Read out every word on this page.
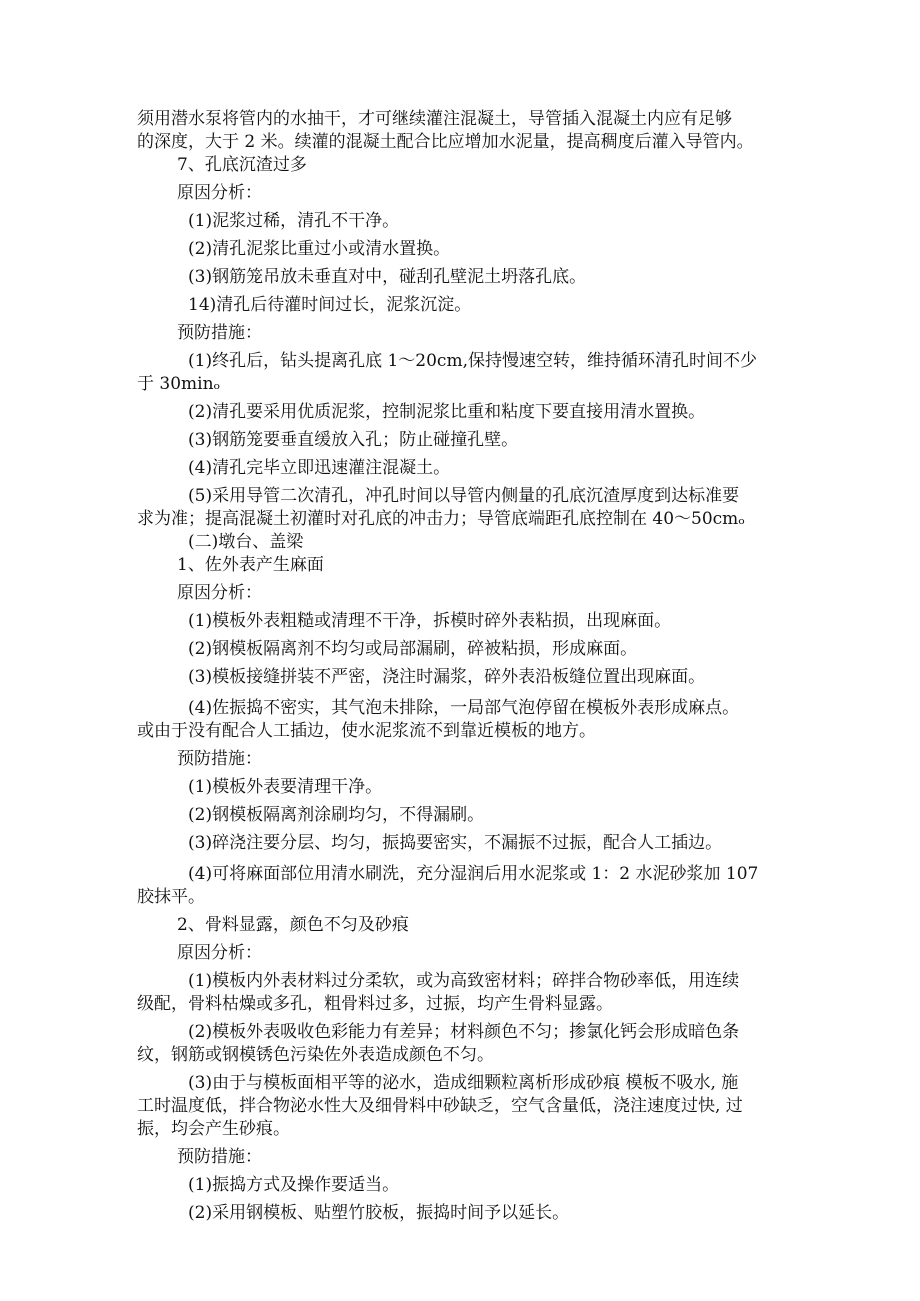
须用潜水泵将管内的水抽干，才可继续灌注混凝土，导管插入混凝土内应有足够

的深度，大于 2 米。续灌的混凝土配合比应增加水泥量，提高稠度后灌入导管内。

7、孔底沉渣过多

原因分析：

(1)泥浆过稀，清孔不干净。

(2)清孔泥浆比重过小或清水置换。

(3)钢筋笼吊放未垂直对中，碰刮孔壁泥土坍落孔底。

14)清孔后待灌时间过长，泥浆沉淀。

预防措施：

(1)终孔后，钻头提离孔底 1～20cm,保持慢速空转，维持循环清孔时间不少

于 30minₒ

(2)清孔要采用优质泥浆，控制泥浆比重和粘度下要直接用清水置换。

(3)钢筋笼要垂直缓放入孔；防止碰撞孔壁。

(4)清孔完毕立即迅速灌注混凝土。

(5)采用导管二次清孔，冲孔时间以导管内侧量的孔底沉渣厚度到达标准要

求为准；提高混凝土初灌时对孔底的冲击力；导管底端距孔底控制在 40～50cmₒ

(二)墩台、盖梁

1、佐外表产生麻面

原因分析：

(1)模板外表粗糙或清理不干净，拆模时碎外表粘损，出现麻面。

(2)钢模板隔离剂不均匀或局部漏刷，碎被粘损，形成麻面。

(3)模板接缝拼装不严密，浇注时漏浆，碎外表沿板缝位置出现麻面。

(4)佐振捣不密实，其气泡未排除，一局部气泡停留在模板外表形成麻点。

或由于没有配合人工插边，使水泥浆流不到靠近模板的地方。

预防措施：

(1)模板外表要清理干净。

(2)钢模板隔离剂涂刷均匀，不得漏刷。

(3)碎浇注要分层、均匀，振捣要密实，不漏振不过振，配合人工插边。

(4)可将麻面部位用清水刷洗，充分湿润后用水泥浆或 1：2 水泥砂浆加 107

胶抹平。

2、骨料显露，颜色不匀及砂痕

原因分析：

(1)模板内外表材料过分柔软，或为高致密材料；碎拌合物砂率低，用连续

级配，骨料枯燥或多孔，粗骨料过多，过振，均产生骨料显露。

(2)模板外表吸收色彩能力有差异；材料颜色不匀；掺氯化钙会形成暗色条

纹，钢筋或钢模锈色污染佐外表造成颜色不匀。

(3)由于与模板面相平等的泌水，造成细颗粒离析形成砂痕 模板不吸水, 施

工时温度低，拌合物泌水性大及细骨料中砂缺乏，空气含量低，浇注速度过快, 过

振，均会产生砂痕。

预防措施：

(1)振捣方式及操作要适当。

(2)采用钢模板、贴塑竹胶板，振捣时间予以延长。
